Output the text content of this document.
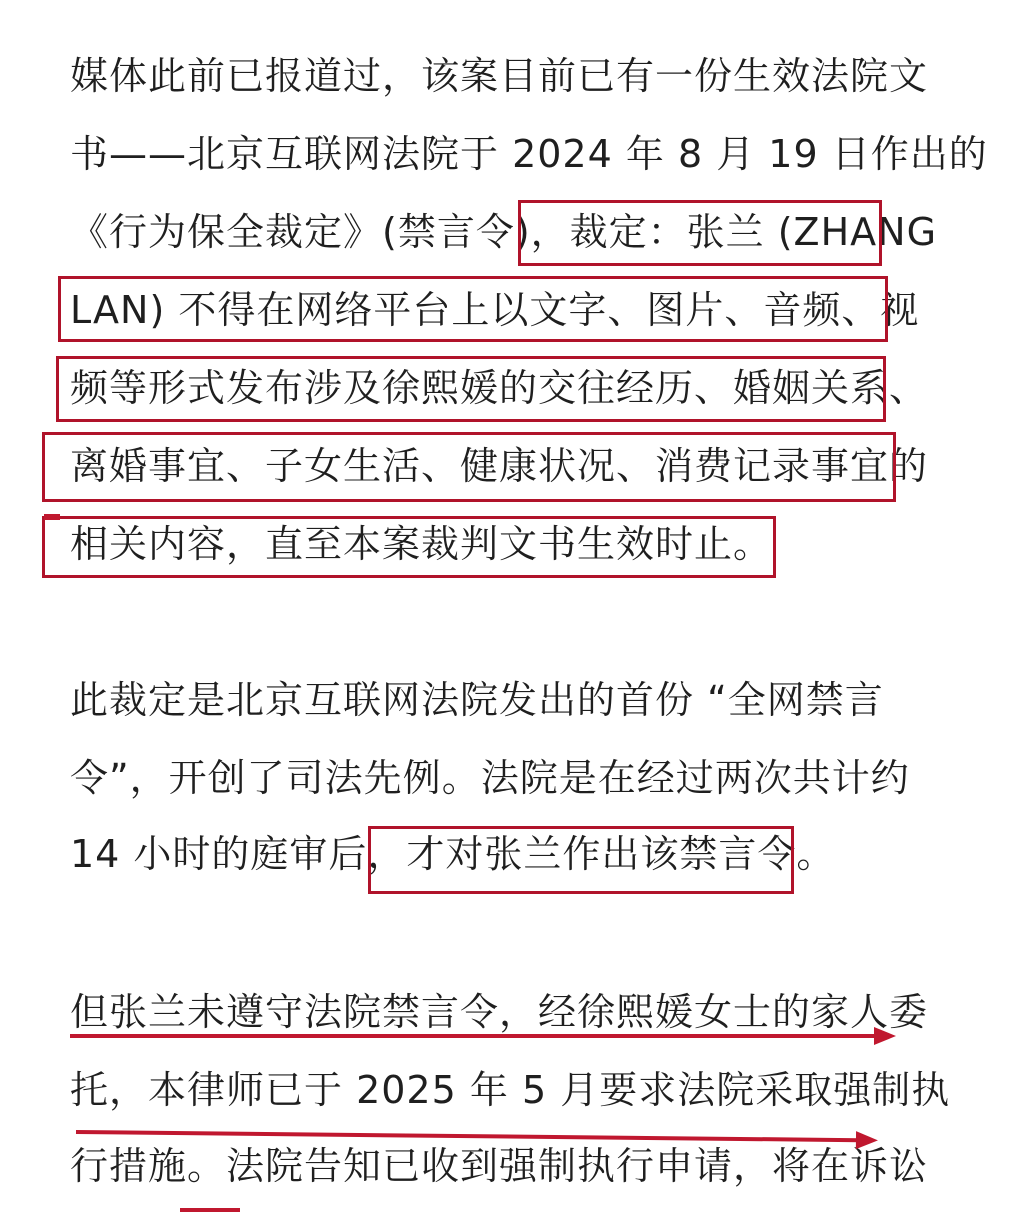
媒体此前已报道过，该案目前已有一份生效法院文
书——北京互联网法院于 2024 年 8 月 19 日作出的
《行为保全裁定》(禁言令)，裁定：张兰 (ZHANG
LAN) 不得在网络平台上以文字、图片、音频、视
频等形式发布涉及徐熙媛的交往经历、婚姻关系、
离婚事宜、子女生活、健康状况、消费记录事宜的
相关内容，直至本案裁判文书生效时止。
此裁定是北京互联网法院发出的首份 “全网禁言
令”，开创了司法先例。法院是在经过两次共计约
14 小时的庭审后，才对张兰作出该禁言令。
但张兰未遵守法院禁言令，经徐熙媛女士的家人委
托，本律师已于 2025 年 5 月要求法院采取强制执
行措施。法院告知已收到强制执行申请，将在诉讼
